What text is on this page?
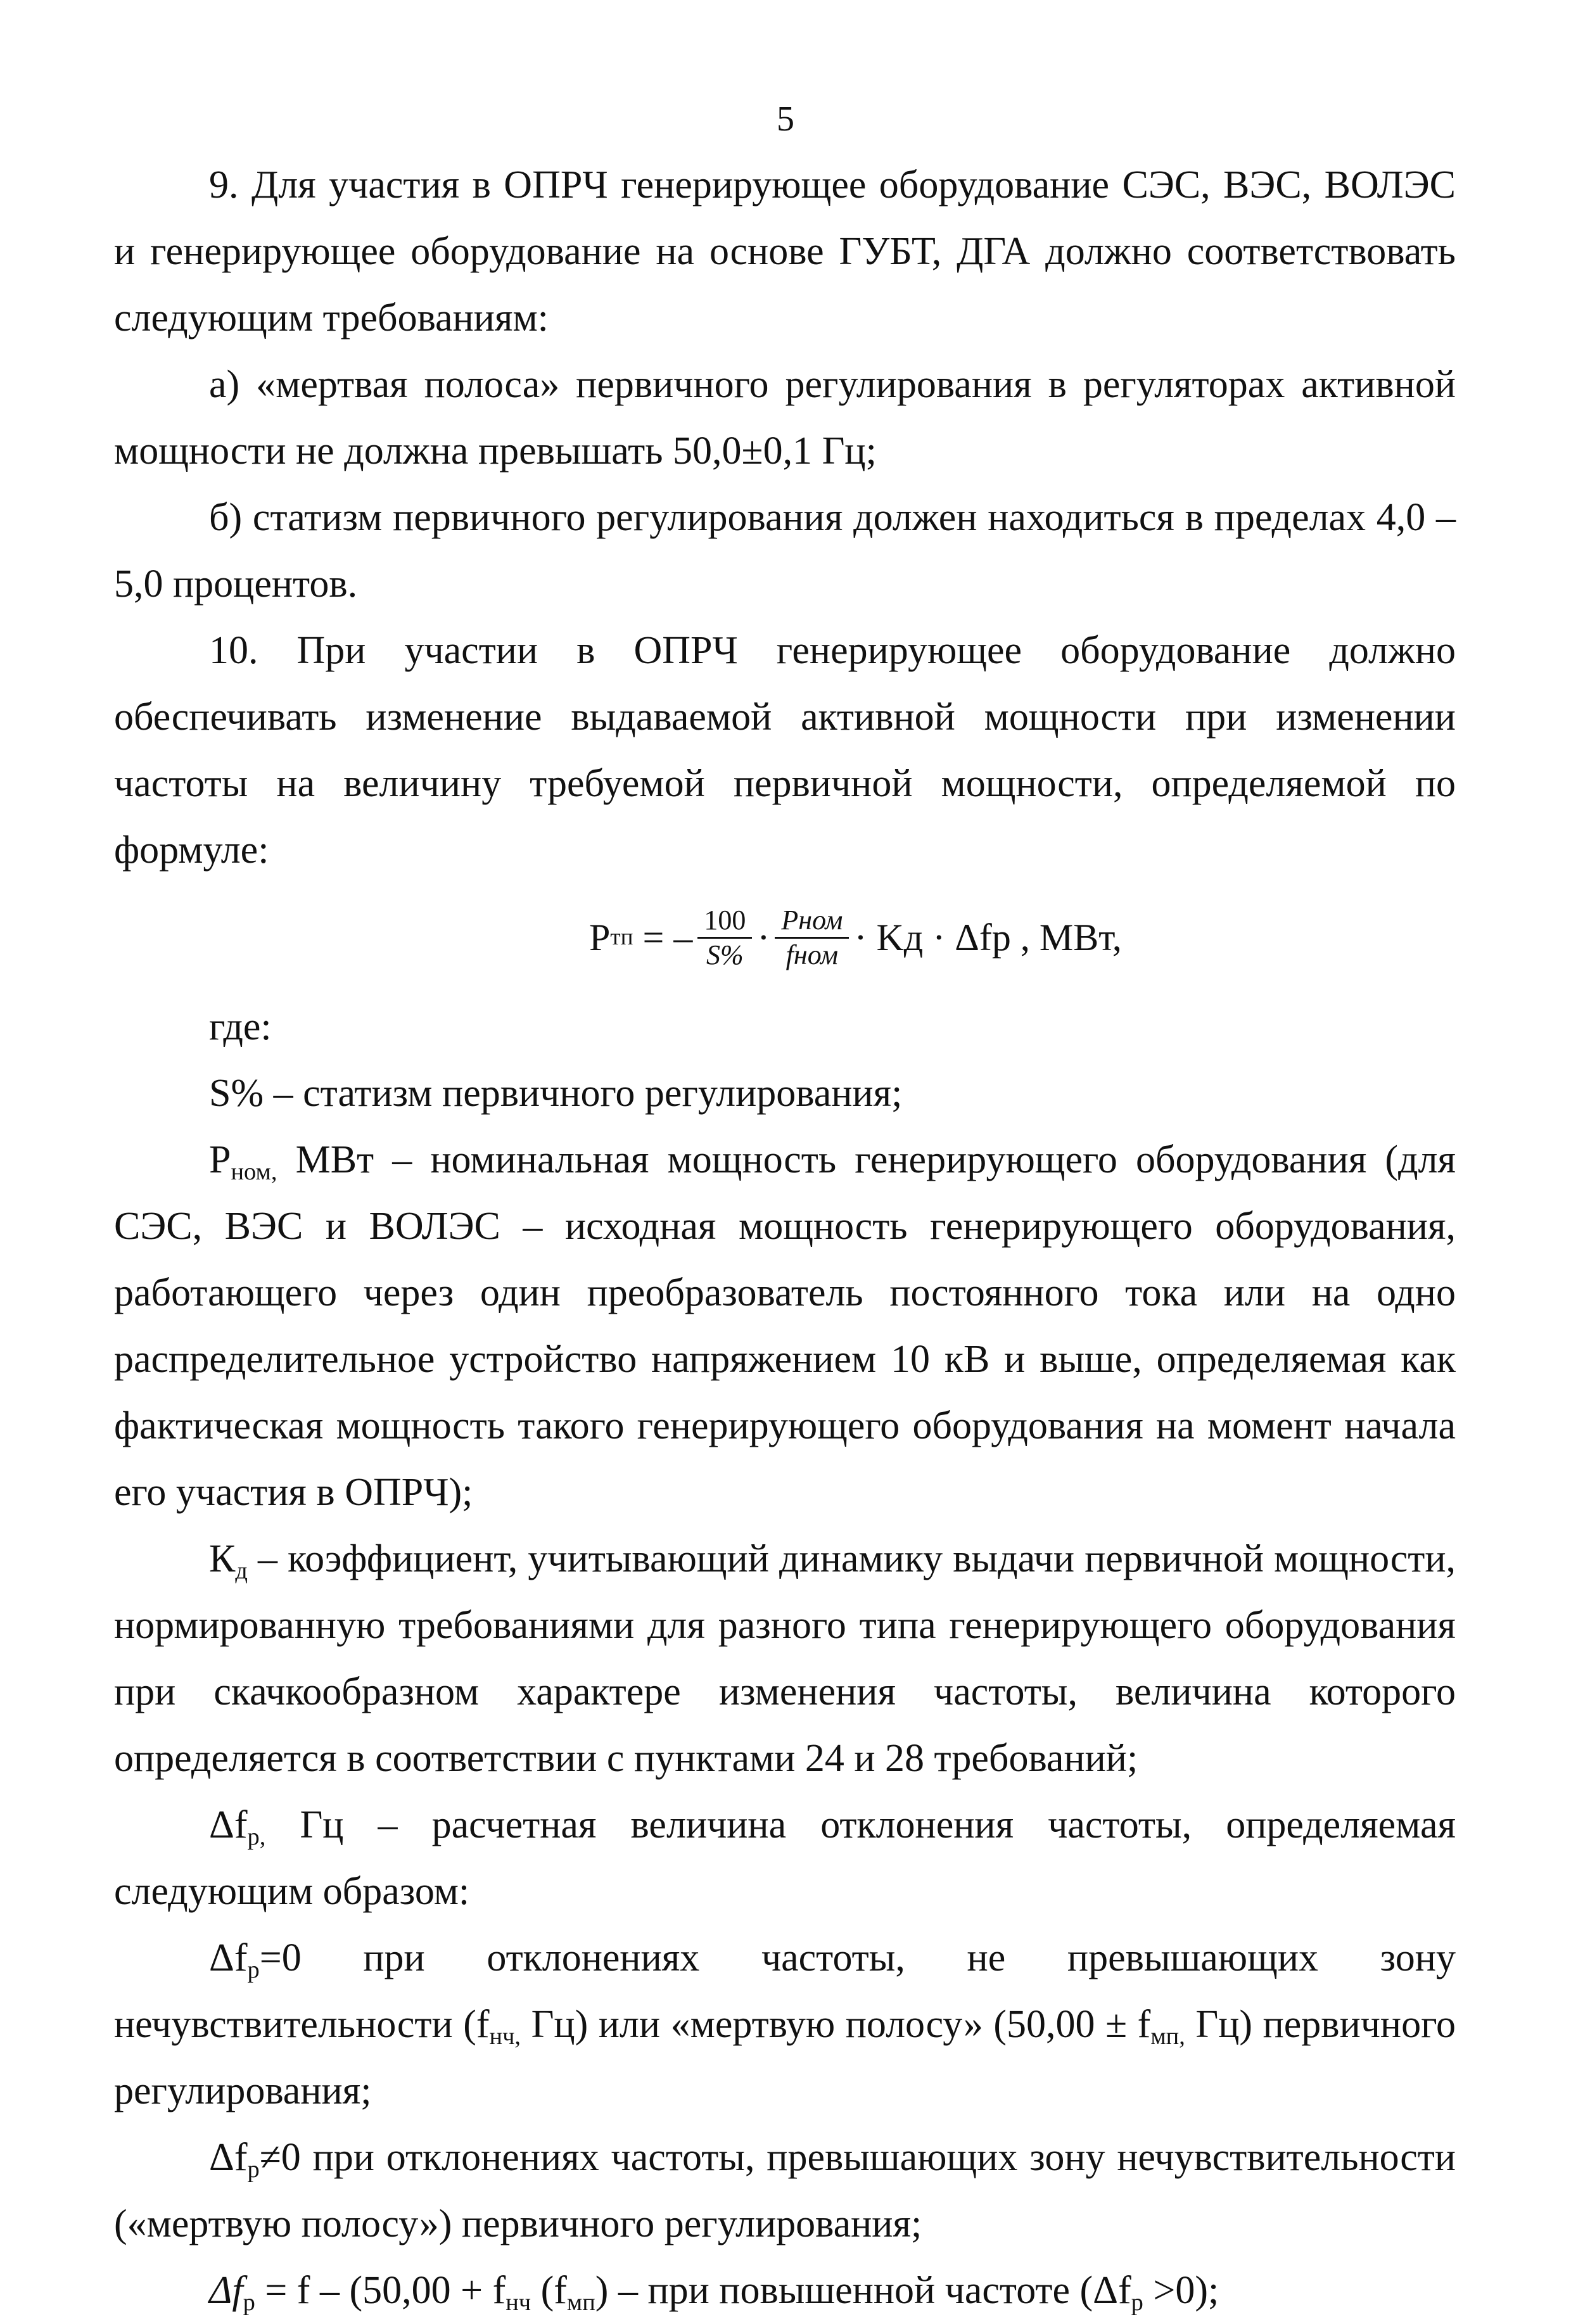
5

9. Для участия в ОПРЧ генерирующее оборудование СЭС, ВЭС, ВОЛЭС и генерирующее оборудование на основе ГУБТ, ДГА должно соответствовать следующим требованиям:

а) «мертвая полоса» первичного регулирования в регуляторах активной мощности не должна превышать 50,0±0,1 Гц;

б) статизм первичного регулирования должен находиться в пределах 4,0 –5,0 процентов.

10. При участии в ОПРЧ генерирующее оборудование должно обеспечивать изменение выдаваемой активной мощности при изменении частоты на величину требуемой первичной мощности, определяемой по формуле:

P тп = – $\frac{100}{S\%} \cdot \frac{\text{Pном}}{\text{fном}}$ · Kд · Δfр , МВт,

где:

S% – статизм первичного регулирования;

$P_{ном,}$ МВт – номинальная мощность генерирующего оборудования (для СЭС, ВЭС и ВОЛЭС – исходная мощность генерирующего оборудования, работающего через один преобразователь постоянного тока или на одно распределительное устройство напряжением 10 кВ и выше, определяемая как фактическая мощность такого генерирующего оборудования на момент начала его участия в ОПРЧ);

$К_д$ – коэффициент, учитывающий динамику выдачи первичной мощности, нормированную требованиями для разного типа генерирующего оборудования при скачкообразном характере изменения частоты, величина которого определяется в соответствии с пунктами 24 и 28 требований;

$\Delta f_{р,}$ Гц – расчетная величина отклонения частоты, определяемая следующим образом:

$\Delta f_р=0$ при отклонениях частоты, не превышающих зону нечувствительности ($f_{нч,}$ Гц) или «мертвую полосу» ($50,00 \pm f_{мп,}$ Гц) первичного регулирования;

$\Delta f_р\ne 0$ при отклонениях частоты, превышающих зону нечувствительности («мертвую полосу») первичного регулирования;

$\Delta f_р = f - (50,00 + f_{нч}$ $(f_{мп})$ – при повышенной частоте $(\Delta f_р >0)$;
